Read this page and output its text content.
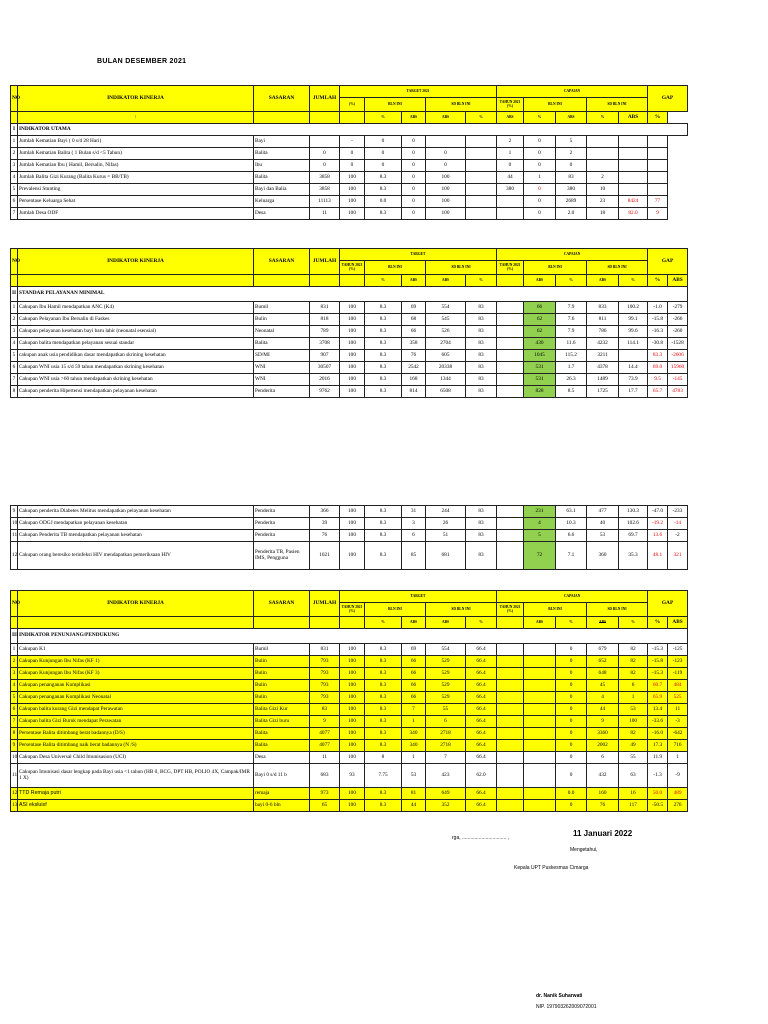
BULAN DESEMBER 2021
NO	INDIKATOR KINERJA	SASARAN	JUMLAH	TARGET 2021					CAPAIAN					GAP
				(%)	BLN INI		SD BLN INI		TAHUN 2021 (%)	BLN INI		SD BLN INI		
	\				%	ABS	ABS	%	ABS	%	ABS	%	ABS	%
I	INDIKATOR UTAMA													
1	Jumlah Kematian Bayi ( 0 s/d 28 Hari)	Bayi		-	0	0			2	0	5			
2	Jumlah Kematian Balita ( 1 Bulan s/d <5 Tahun)	Balita	0	0	0	0	0		1	0	2			
3	Jumlah Kematian Ibu ( Hamil, Bersalin, Nifas)	Ibu	0	0	0	0	0		0	0	0			
4	Jumlah Balita Gizi Kurang (Balita Kurus = BB/TB)	Balita	3858	100	8.3	0	100		44	1	83	2		
5	Prevalensi Stunting	Bayi dan Balia	3858	100	8.3	0	100		380	0	380	10		
6	Persentase Keluarga Sehat	Keluarga	11113	100	0.0	0	100			0	2689	23	8424	77
7	Jumlah Desa ODF	Desa	11	100	8.3	0	100			0	2.0	18	82.0	9
NO	INDIKATOR KINERJA	SASARAN	JUMLAH	TARGET					CAPAIAN					GAP	
				TAHUN 2021 (%)	BLN INI		SD BLN INI		TAHUN 2021 (%)	BLN INI		SD BLN INI			
					%	ABS	ABS	%		ABS	%	ABS	%	%	ABS
II	STANDAR PELAYANAN MINIMAL														
1	Cakupan Ibu Hamil mendapatkan ANC (K4)	Bumil	831	100	8.3	69	554	83		66	7.9	833	100.2	-1.0	-279
2	Cakupan Pelayanan Ibu Bersalin di Faskes	Bulin	818	100	8.3	68	545	83		62	7.6	811	99.1	-15.8	-266
3	Cakupan pelayanan kesehatan bayi baru lahir (neonatal esensial)	Neonatal	789	100	8.3	66	526	83		62	7.9	786	99.6	-16.3	-260
4	Cakupan balita mendapatkan pelayanan sesuai standar	Balita	3708	100	8.3	358	2704	83		430	11.6	4232	114.1	-30.8	-1528
5	cakupan anak usia pendidikan dasar mendapatkan skrining kesehatan	SD/MI	907	100	8.3	76	605	83		1045	115.2	3211		83.3	-2606
6	Cakupan WNI usia 15 s/d 59 tahun mendapatkan skrining kesehatan	WNI	30507	100	8.3	2542	20338	83		531	1.7	4378	14.4	69.0	15960
7	Cakupan WNI usia >60 tahun mendapatkan skrining kesehatan	WNI	2016	100	8.3	168	1344	83		531	26.3	1489	73.9	9.5	-145
8	Cakupan penderita Hipertensi mendapatkan pelayanan kesehatan	Penderita	9762	100	8.3	814	6508	83		828	8.5	1725	17.7	65.7	4783
9	Cakupan penderita Diabetes Melitus mendapatkan pelayanan kesehatan	Penderita	366	100	8.3	31	244	83		231	63.1	477	130.3	-47.0	-233
10	Cakupan ODGJ mendapatkan pelayanan kesehatan	Penderita	39	100	8.3	3	26	83		4	10.3	40	102.6	-19.2	-14
11	Cakupan Penderita TB mendapatkan pelayanan kesehatan	Penderita	76	100	8.3	6	51	83		5	6.6	53	69.7	13.6	-2
12	Cakupan orang beresiko terinfeksi HIV mendapatkan pemeriksaan HIV	Penderita TB, Pasien IMS, Pengguna	1021	100	8.3	85	681	83		72	7.1	360	35.3	48.1	321
NO	INDIKATOR KINERJA	SASARAN	JUMLAH	TARGET					CAPAIAN					GAP	
				TAHUN 2021 (%)	BLN INI		SD BLN INI		TAHUN 2021 (%)	BLN INI		SD BLN INI			
					%	ABS	ABS	%		ABS	%	ABS	%	%	ABS
III	INDIKATOR PENUNJANG/PENDUKUNG														
1	Cakupan K1	Bumil	831	100	8.3	69	554	66.4			0	679	82	-15.3	-125
2	Cakupan Kunjungan Ibu Nifas (KF 1)	Bulin	793	100	8.3	66	529	66.4			0	652	82	-15.8	-123
3	Cakupan Kunjungan Ibu Nifas (KF 3)	Bulin	793	100	8.3	66	529	66.4			0	648	82	-15.3	-119
4	Cakupan penanganan Komplikasi	Bulin	793	100	8.3	66	529	66.4			0	45	6	60.7	484
5	Cakupan penanganan Komplikasi Neonatal	Bulin	793	100	8.3	66	529	66.4			0	4	1	65.9	525
6	Cakupan balita kurang Gizi mendapat Perawatan	Balita Gizi Kur	83	100	8.3	7	55	66.4			0	44	53	13.4	11
7	Cakupan balita Gizi Buruk mendapat Perawatan	Balita Gizi buru	9	100	8.3	1	6	66.4			0	9	100	-33.6	-3
8	Persentase Balita ditimbang berat badannya (D/S)	Balita	4077	100	8.3	340	2718	66.4			0	3360	82	-16.0	-642
9	Persentase Balita ditimbang naik berat badannya (N /S)	Balita	4077	100	8.3	340	2718	66.4			0	2002	49	17.3	716
10	Cakupan Desa Universal Child Imunisasion (UCI)	Desa	11	100	8	1	7	66.4			0	6	55	11.9	1
11	Cakupan Imunisasi dasar lengkap pada Bayi usia <1 tahun (HB 0, BCG, DPT HB, POLIO 4X, Campak/IMR 1 X)	Bayi 0 s/d 11 b	683	93	7.75	53	423	62.0			0	432	63	-1.3	-9
12	TTD Remaja putri	remaja	973	100	8.3	81	649	66.4			0.0	160	16	50.0	489
13	ASI eksluisf	bayi 0-6 bln	65	100	8.3	44	352	66.4			0	76	117	-50.5	276
rga, ................................ ,	11 Januari 2022
Mengetahui,
Kepala UPT Puskesmas Cimarga
dr. Nanik Suharwati
NIP. 197903262009072001
